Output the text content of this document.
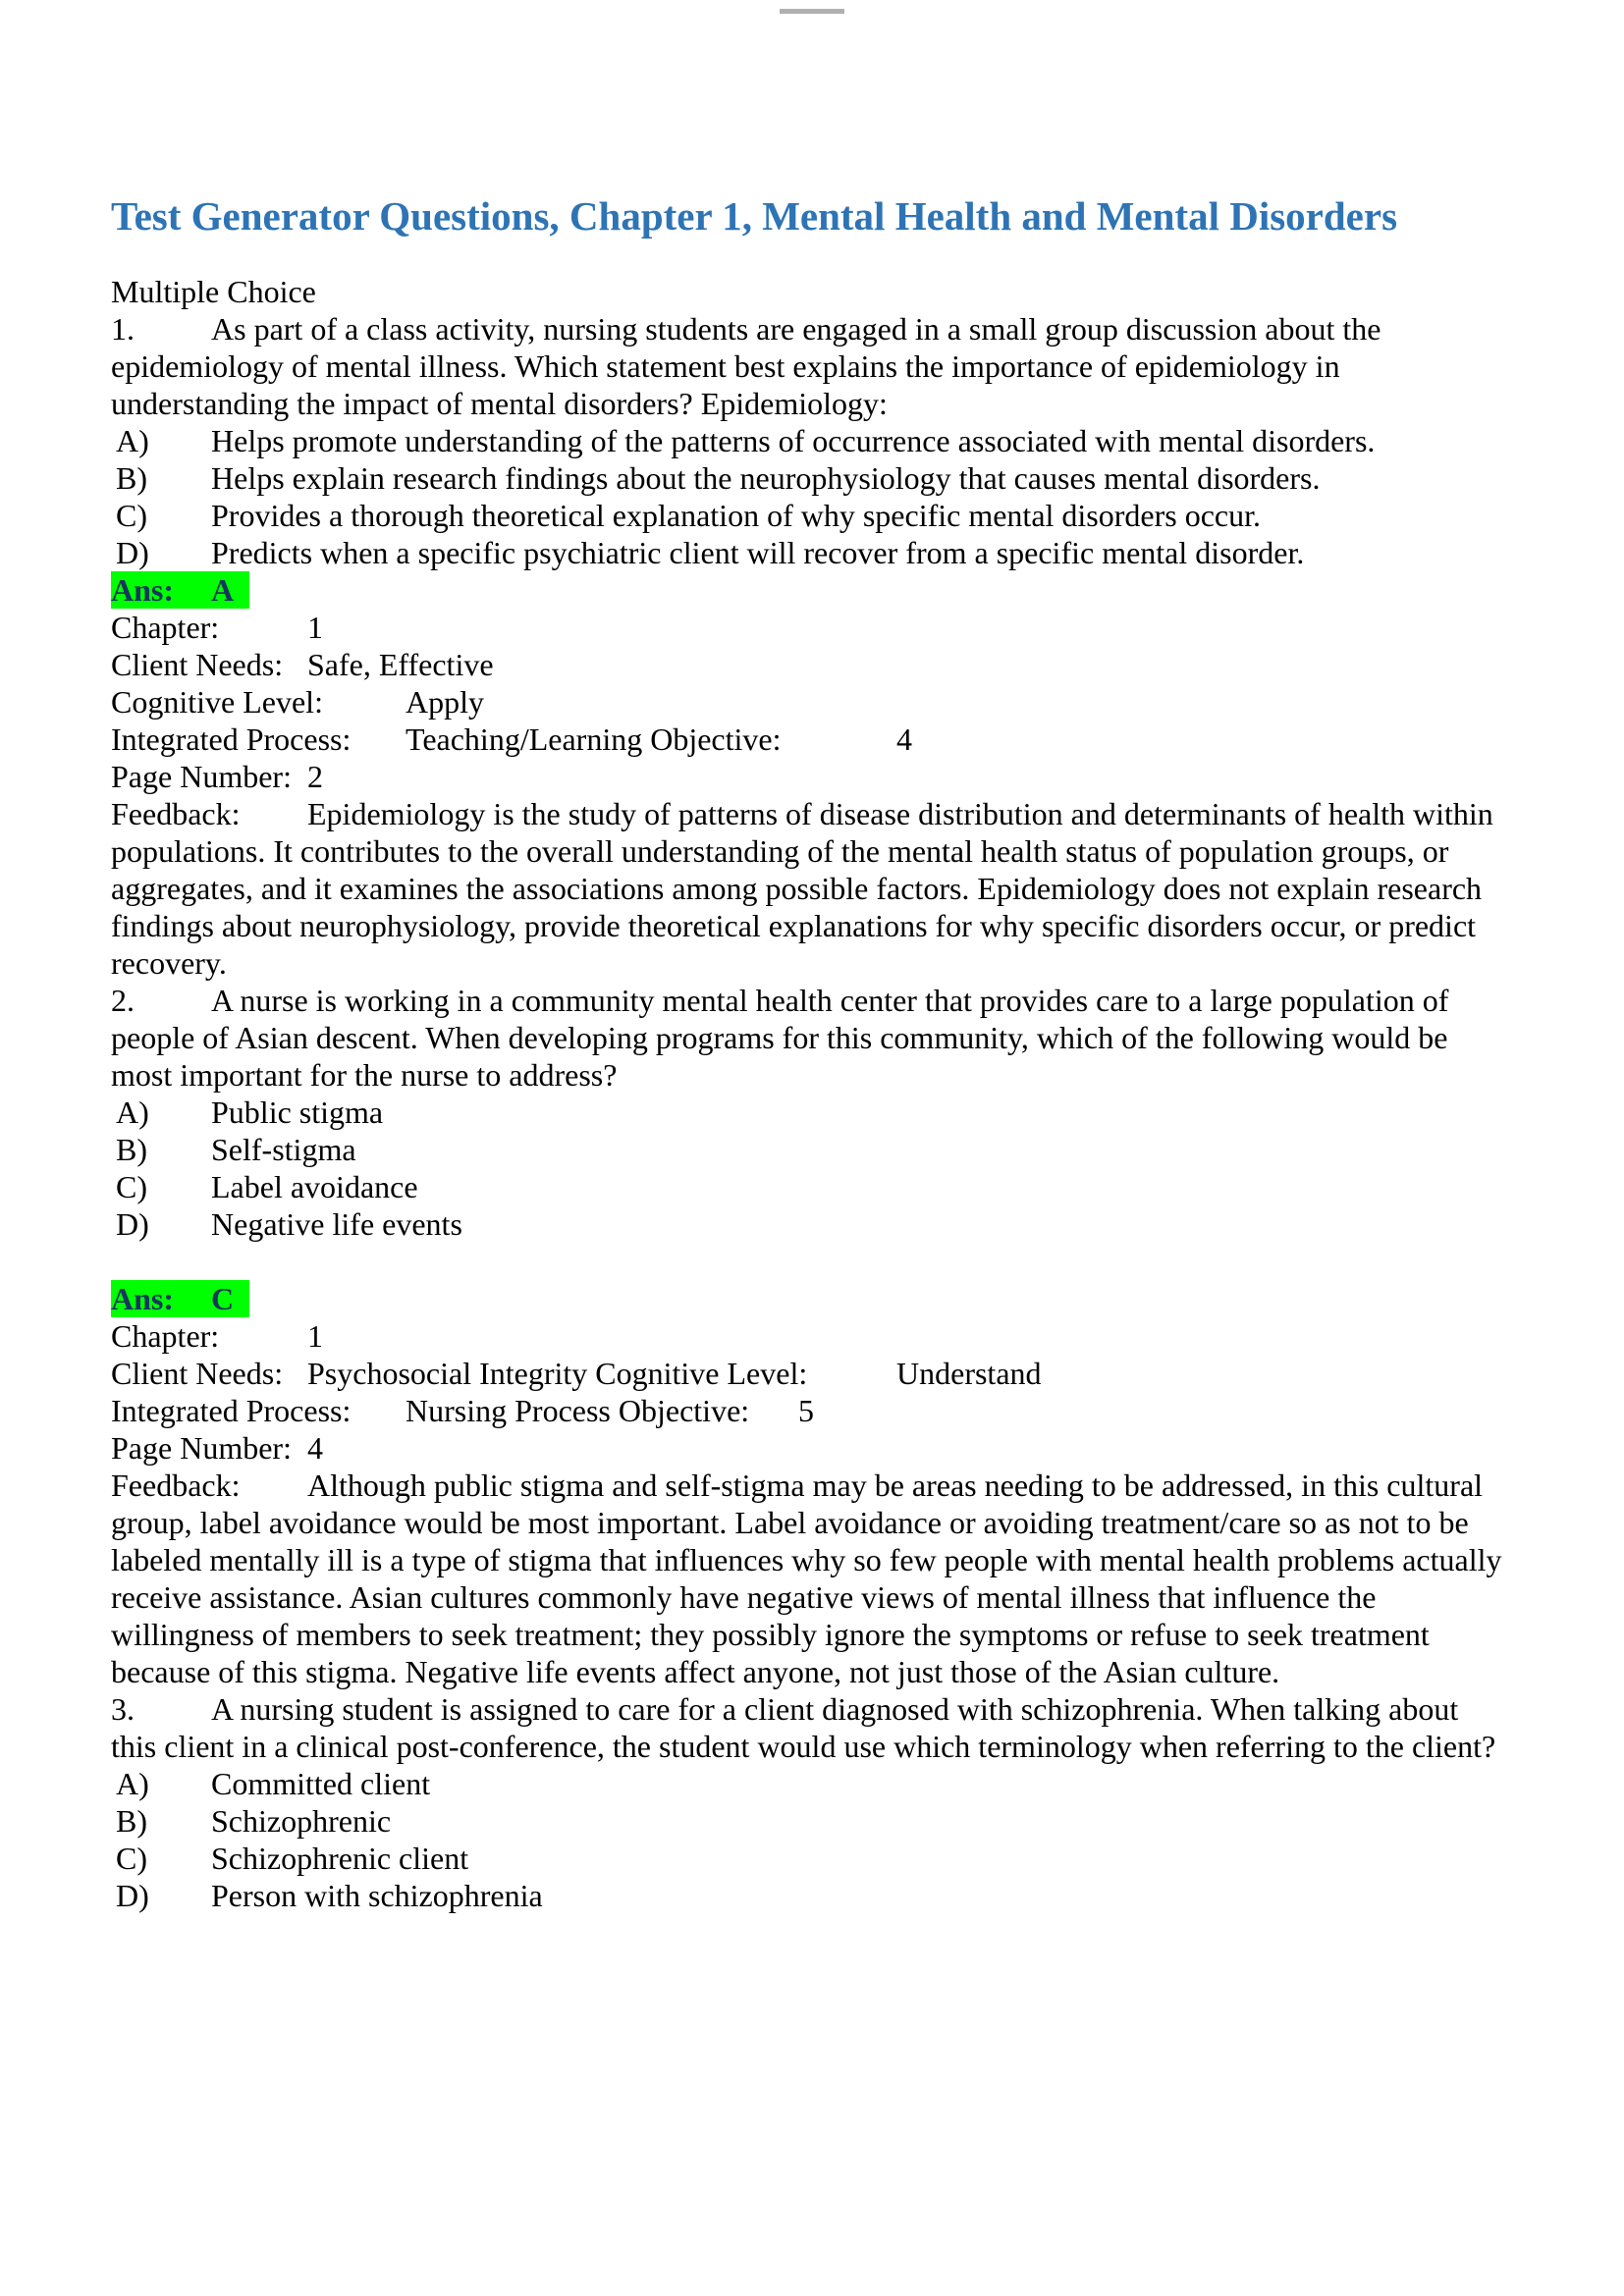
Test Generator Questions, Chapter 1, Mental Health and Mental Disorders

Multiple Choice

1. As part of a class activity, nursing students are engaged in a small group discussion about the epidemiology of mental illness. Which statement best explains the importance of epidemiology in understanding the impact of mental disorders? Epidemiology:

A) Helps promote understanding of the patterns of occurrence associated with mental disorders.

B) Helps explain research findings about the neurophysiology that causes mental disorders.

C) Provides a thorough theoretical explanation of why specific mental disorders occur.

D) Predicts when a specific psychiatric client will recover from a specific mental disorder.

Ans: A

Chapter:	1

Client Needs: Safe, Effective

Cognitive Level:	Apply

Integrated Process: Teaching/Learning Objective:	4

Page Number: 2

Feedback: Epidemiology is the study of patterns of disease distribution and determinants of health within populations. It contributes to the overall understanding of the mental health status of population groups, or aggregates, and it examines the associations among possible factors. Epidemiology does not explain research findings about neurophysiology, provide theoretical explanations for why specific disorders occur, or predict recovery.

2. A nurse is working in a community mental health center that provides care to a large population of people of Asian descent. When developing programs for this community, which of the following would be most important for the nurse to address?

A) Public stigma

B) Self-stigma

C) Label avoidance

D) Negative life events

Ans: C

Chapter:	1

Client Needs: Psychosocial Integrity Cognitive Level:	Understand

Integrated Process: Nursing Process Objective: 5

Page Number: 4

Feedback: Although public stigma and self-stigma may be areas needing to be addressed, in this cultural group, label avoidance would be most important. Label avoidance or avoiding treatment/care so as not to be labeled mentally ill is a type of stigma that influences why so few people with mental health problems actually receive assistance. Asian cultures commonly have negative views of mental illness that influence the willingness of members to seek treatment; they possibly ignore the symptoms or refuse to seek treatment because of this stigma. Negative life events affect anyone, not just those of the Asian culture.

3. A nursing student is assigned to care for a client diagnosed with schizophrenia. When talking about this client in a clinical post-conference, the student would use which terminology when referring to the client?

A) Committed client

B) Schizophrenic

C) Schizophrenic client

D) Person with schizophrenia
